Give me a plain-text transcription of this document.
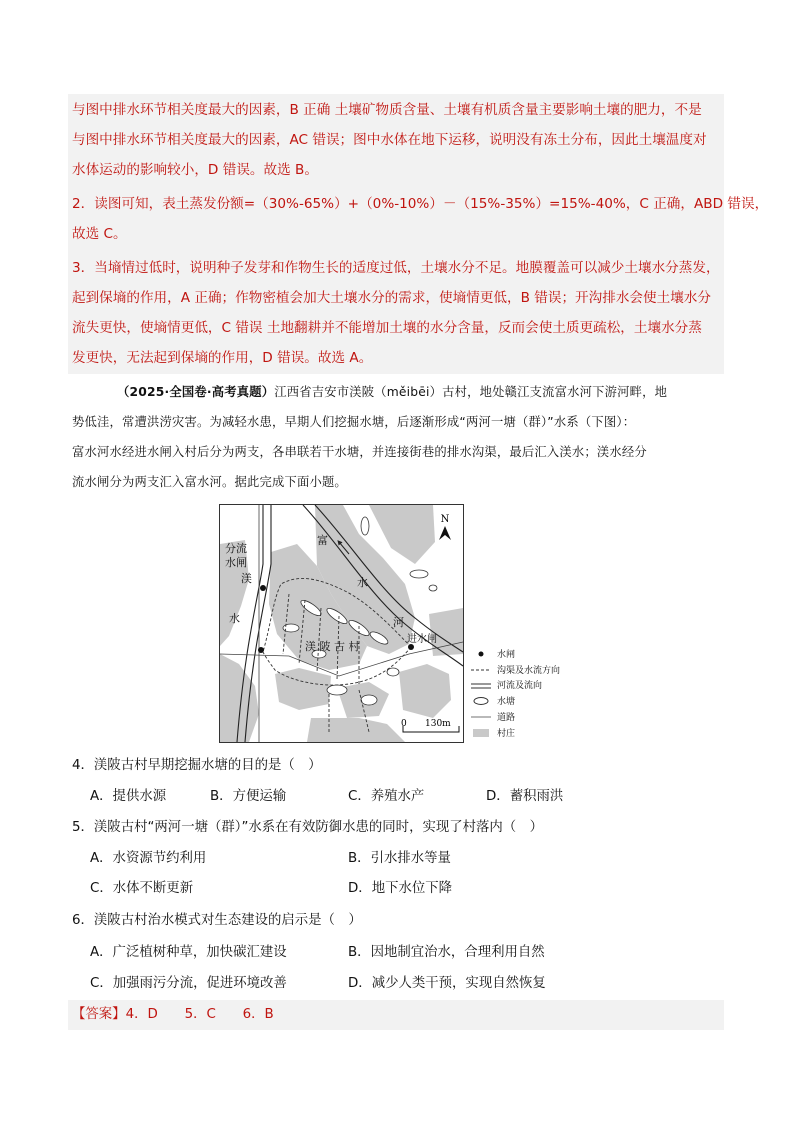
与图中排水环节相关度最大的因素，B 正确 土壤矿物质含量、土壤有机质含量主要影响土壤的肥力，不是
与图中排水环节相关度最大的因素，AC 错误；图中水体在地下运移，说明没有冻土分布，因此土壤温度对
水体运动的影响较小，D 错误。故选 B。
2．读图可知，表土蒸发份额=（30%-65%）+（0%-10%）－（15%-35%）=15%-40%，C 正确，ABD 错误，
故选 C。
3．当墒情过低时，说明种子发芽和作物生长的适度过低，土壤水分不足。地膜覆盖可以减少土壤水分蒸发，
起到保墒的作用，A 正确；作物密植会加大土壤水分的需求，使墒情更低，B 错误；开沟排水会使土壤水分
流失更快，使墒情更低，C 错误 土地翻耕并不能增加土壤的水分含量，反而会使土质更疏松，土壤水分蒸
发更快，无法起到保墒的作用，D 错误。故选 A。
（2025·全国卷·高考真题）江西省吉安市渼陂（měibēi）古村，地处赣江支流富水河下游河畔，地
势低洼，常遭洪涝灾害。为减轻水患，早期人们挖掘水塘，后逐渐形成“两河一塘（群）”水系（下图）：
富水河水经进水闸入村后分为两支，各串联若干水塘，并连接街巷的排水沟渠，最后汇入渼水；渼水经分
流水闸分为两支汇入富水河。据此完成下面小题。
N
分流
水闸
渼
水
富
水
河
进水闸
渼 陂 古 村
0 130m
水闸
沟渠及水流方向
河流及流向
水塘
道路
村庄
4．渼陂古村早期挖掘水塘的目的是（　）
A．提供水源	B．方便运输	C．养殖水产	D．蓄积雨洪
5．渼陂古村“两河一塘（群）”水系在有效防御水患的同时，实现了村落内（　）
A．水资源节约利用	B．引水排水等量
C．水体不断更新	D．地下水位下降
6．渼陂古村治水模式对生态建设的启示是（　）
A．广泛植树种草，加快碳汇建设	B．因地制宜治水，合理利用自然
C．加强雨污分流，促进环境改善	D．减少人类干预，实现自然恢复
【答案】4．D　　5．C　　6．B
